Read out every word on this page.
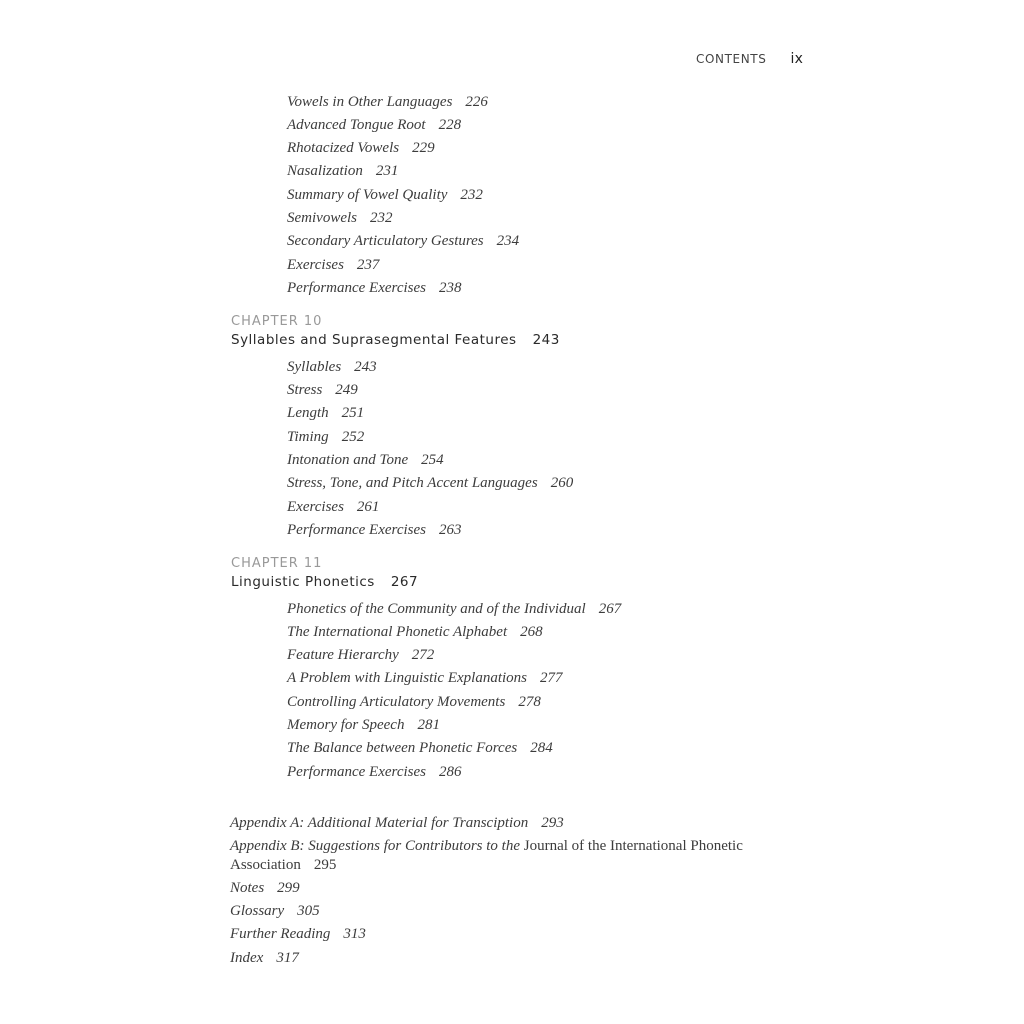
CONTENTS ix
Vowels in Other Languages 226
Advanced Tongue Root 228
Rhotacized Vowels 229
Nasalization 231
Summary of Vowel Quality 232
Semivowels 232
Secondary Articulatory Gestures 234
Exercises 237
Performance Exercises 238
CHAPTER 10
Syllables and Suprasegmental Features 243
Syllables 243
Stress 249
Length 251
Timing 252
Intonation and Tone 254
Stress, Tone, and Pitch Accent Languages 260
Exercises 261
Performance Exercises 263
CHAPTER 11
Linguistic Phonetics 267
Phonetics of the Community and of the Individual 267
The International Phonetic Alphabet 268
Feature Hierarchy 272
A Problem with Linguistic Explanations 277
Controlling Articulatory Movements 278
Memory for Speech 281
The Balance between Phonetic Forces 284
Performance Exercises 286
Appendix A: Additional Material for Transciption 293
Appendix B: Suggestions for Contributors to the Journal of the International Phonetic Association 295
Notes 299
Glossary 305
Further Reading 313
Index 317
